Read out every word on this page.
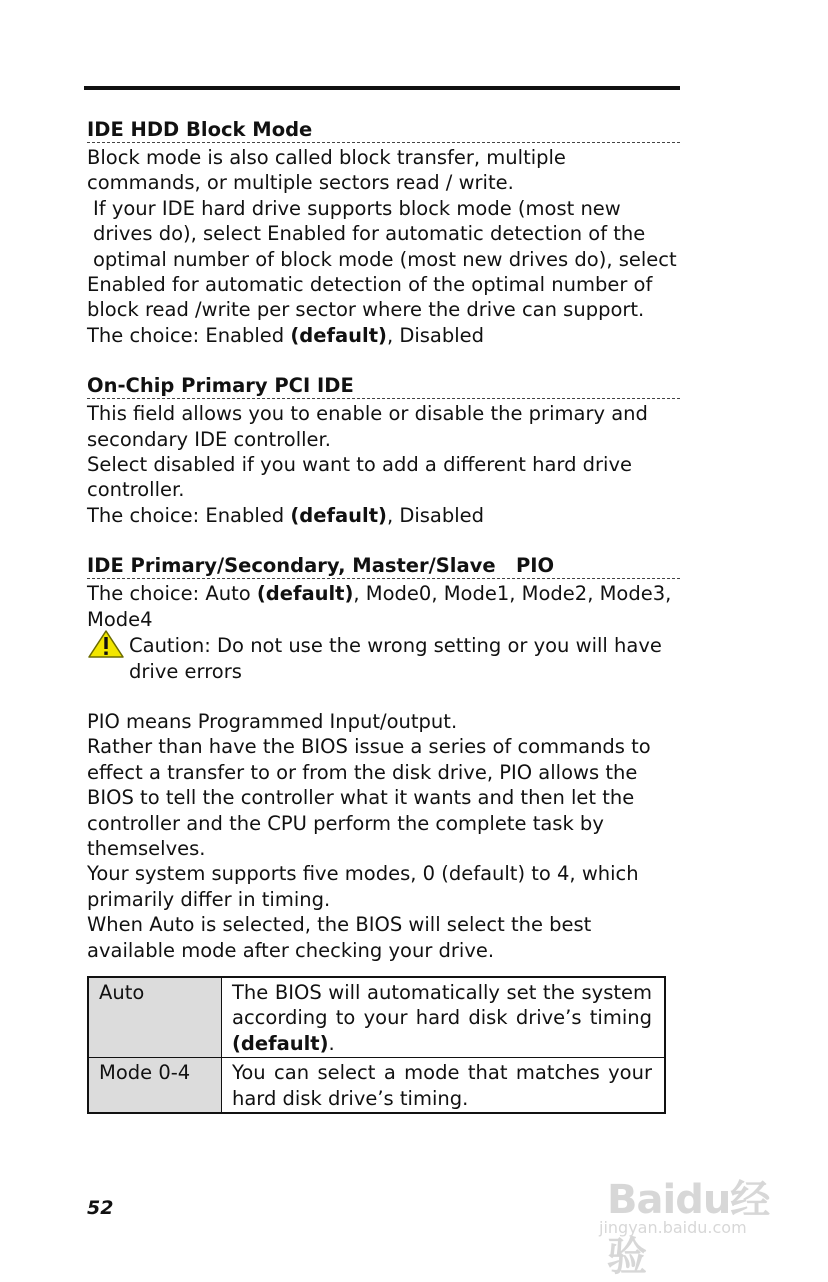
IDE HDD Block Mode

Block mode is also called block transfer, multiple commands, or multiple sectors read / write.

If your IDE hard drive supports block mode (most new drives do), select Enabled for automatic detection of the optimal number of block mode (most new drives do), select

Enabled for automatic detection of the optimal number of block read /write per sector where the drive can support.

The choice: Enabled (default), Disabled

On-Chip Primary PCI IDE

This field allows you to enable or disable the primary and secondary IDE controller.

Select disabled if you want to add a different hard drive controller.

The choice: Enabled (default), Disabled

IDE Primary/Secondary, Master/Slave   PIO

The choice: Auto (default), Mode0, Mode1, Mode2, Mode3, Mode4

Caution: Do not use the wrong setting or you will have drive errors

PIO means Programmed Input/output.

Rather than have the BIOS issue a series of commands to effect a transfer to or from the disk drive, PIO allows the BIOS to tell the controller what it wants and then let the controller and the CPU perform the complete task by themselves.

Your system supports five modes, 0 (default) to 4, which primarily differ in timing.

When Auto is selected, the BIOS will select the best available mode after checking your drive.

Auto	The BIOS will automatically set the system according to your hard disk drive’s timing (default).
Mode 0-4	You can select a mode that matches your hard disk drive’s timing.
52	Baidu经验
jingyan.baidu.com
